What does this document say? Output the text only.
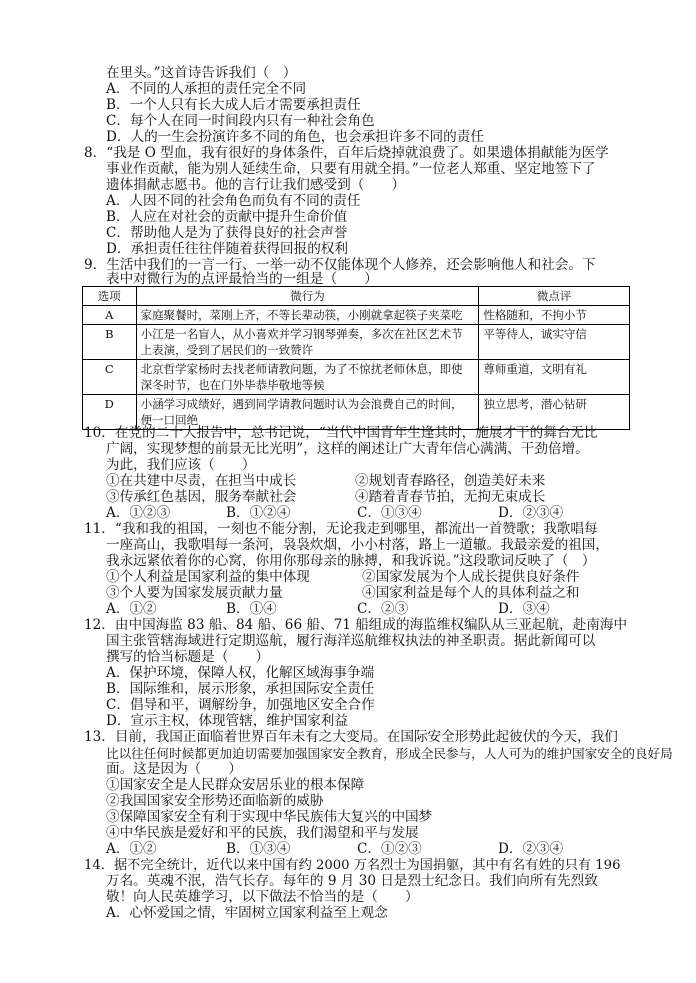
在里头。”这首诗告诉我们（　）
A．不同的人承担的责任完全不同
B．一个人只有长大成人后才需要承担责任
C．每个人在同一时间段内只有一种社会角色
D．人的一生会扮演许多不同的角色，也会承担许多不同的责任
8．“我是 O 型血，我有很好的身体条件，百年后烧掉就浪费了。如果遗体捐献能为医学
事业作贡献，能为别人延续生命，只要有用就全捐。”一位老人郑重、坚定地签下了
遗体捐献志愿书。他的言行让我们感受到（　　）
A．人因不同的社会角色而负有不同的责任
B．人应在对社会的贡献中提升生命价值
C．帮助他人是为了获得良好的社会声誉
D．承担责任往往伴随着获得回报的权利
9．生活中我们的一言一行、一举一动不仅能体现个人修养，还会影响他人和社会。下
表中对微行为的点评最恰当的一组是（　　）
选项	微行为	微点评
A	家庭聚餐时，菜刚上齐，不等长辈动筷，小刚就拿起筷子夹菜吃	性格随和，不拘小节
B	小江是一名盲人，从小喜欢并学习钢琴弹奏，多次在社区艺术节
上表演，受到了居民们的一致赞许	平等待人，诚实守信
C	北京哲学家杨时去找老师请教问题，为了不惊扰老师休息，即使
深冬时节，也在门外毕恭毕敬地等候	尊师重道，文明有礼
D	小涵学习成绩好，遇到同学请教问题时认为会浪费自己的时间，
便一口回绝	独立思考，潜心钻研
10．在党的二十大报告中，总书记说，“当代中国青年生逢其时，施展才干的舞台无比
广阔，实现梦想的前景无比光明”，这样的阐述让广大青年信心满满、干劲倍增。
为此，我们应该（　　）
①在共建中尽责，在担当中成长	②规划青春路径，创造美好未来
③传承红色基因，服务奉献社会	④踏着青春节拍，无拘无束成长
A．①②③	B．①②④	C．①③④	D．②③④
11．“我和我的祖国，一刻也不能分割，无论我走到哪里，都流出一首赞歌；我歌唱每
一座高山，我歌唱每一条河，袅袅炊烟，小小村落，路上一道辙。我最亲爱的祖国，
我永远紧依着你的心窝，你用你那母亲的脉搏，和我诉说。”这段歌词反映了（　）
①个人利益是国家利益的集中体现	②国家发展为个人成长提供良好条件
③个人要为国家发展贡献力量	④国家利益是每个人的具体利益之和
A．①②	B．①④	C．②③	D．③④
12．由中国海监 83 船、84 船、66 船、71 船组成的海监维权编队从三亚起航，赴南海中
国主张管辖海域进行定期巡航，履行海洋巡航维权执法的神圣职责。据此新闻可以
撰写的恰当标题是（　　）
A．保护环境，保障人权，化解区域海事争端
B．国际维和，展示形象，承担国际安全责任
C．倡导和平，调解纷争，加强地区安全合作
D．宣示主权，体现管辖，维护国家利益
13．目前，我国正面临着世界百年未有之大变局。在国际安全形势此起彼伏的今天，我们
比以往任何时候都更加迫切需要加强国家安全教育，形成全民参与，人人可为的维护国家安全的良好局
面。这是因为（　　）
①国家安全是人民群众安居乐业的根本保障
②我国国家安全形势还面临新的威胁
③保障国家安全有利于实现中华民族伟大复兴的中国梦
④中华民族是爱好和平的民族，我们渴望和平与发展
A．①②	B．①③④	C．①②③	D．②③④
14．据不完全统计，近代以来中国有约 2000 万名烈士为国捐躯，其中有名有姓的只有 196
万名。英魂不泯，浩气长存。每年的 9 月 30 日是烈士纪念日。我们向所有先烈致
敬！向人民英雄学习，以下做法不恰当的是（　　）
A．心怀爱国之情，牢固树立国家利益至上观念
